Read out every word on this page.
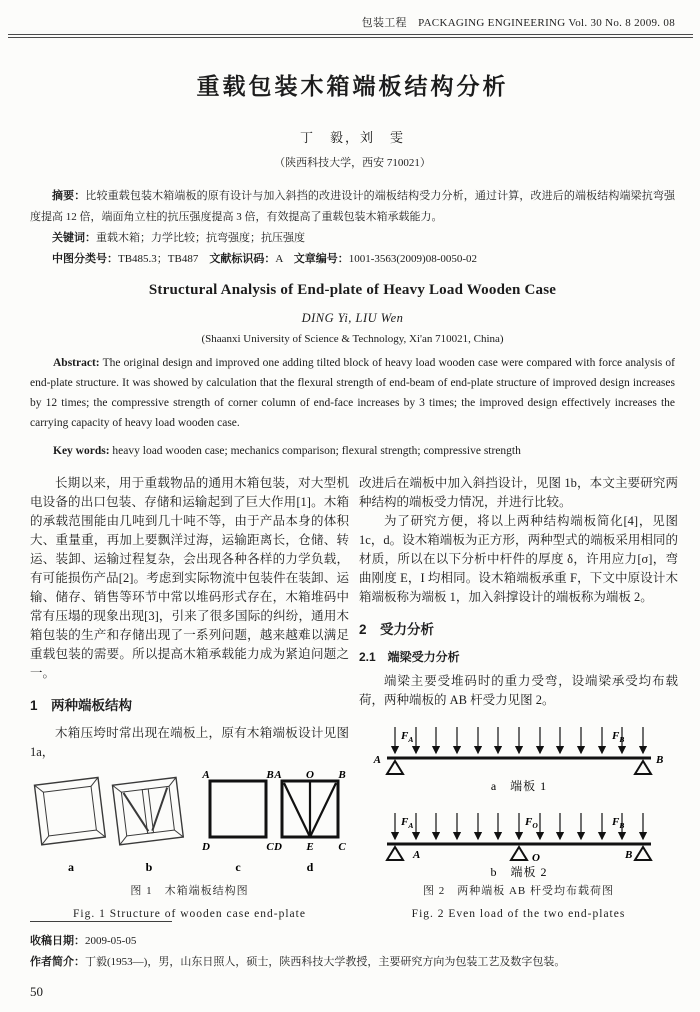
包装工程　PACKAGING ENGINEERING Vol. 30 No. 8 2009. 08
重载包装木箱端板结构分析
丁　毅，刘　雯
（陕西科技大学，西安 710021）

摘要：比较重载包装木箱端板的原有设计与加入斜挡的改进设计的端板结构受力分析，通过计算，改进后的端板结构端梁抗弯强度提高 12 倍，端面角立柱的抗压强度提高 3 倍，有效提高了重载包装木箱承载能力。

关键词：重载木箱；力学比较；抗弯强度；抗压强度

中图分类号：TB485.3；TB487　 文献标识码：A　 文章编号：1001-3563(2009)08-0050-02

Structural Analysis of End-plate of Heavy Load Wooden Case
DING Yi, LIU Wen
(Shaanxi University of Science & Technology, Xi'an 710021, China)

Abstract: The original design and improved one adding tilted block of heavy load wooden case were compared with force analysis of end-plate structure. It was showed by calculation that the flexural strength of end-beam of end-plate structure of improved design increases by 12 times; the compressive strength of corner column of end-face increases by 3 times; the improved design effectively increases the carrying capacity of heavy load wooden case.

Key words: heavy load wooden case; mechanics comparison; flexural strength; compressive strength

长期以来，用于重载物品的通用木箱包装，对大型机电设备的出口包装、存储和运输起到了巨大作用[1]。木箱的承载范围能由几吨到几十吨不等，由于产品本身的体积大、重量重，再加上要飘洋过海，运输距离长，仓储、转运、装卸、运输过程复杂，会出现各种各样的力学负载，有可能损伤产品[2]。考虑到实际物流中包装件在装卸、运输、储存、销售等环节中常以堆码形式存在，木箱堆码中常有压塌的现象出现[3]，引来了很多国际的纠纷，通用木箱包装的生产和存储出现了一系列问题，越来越难以满足重载包装的需要。所以提高木箱承载能力成为紧迫问题之一。

1　两种端板结构

木箱压垮时常出现在端板上，原有木箱端板设计见图 1a，

A	B
D	C
A O B
D E C
a	b	c	d
图 1　木箱端板结构图
Fig. 1 Structure of wooden case end-plate

改进后在端板中加入斜挡设计，见图 1b，本文主要研究两种结构的端板受力情况，并进行比较。

为了研究方便，将以上两种结构端板简化[4]，见图 1c，d。设木箱端板为正方形，两种型式的端板采用相同的材质，所以在以下分析中杆件的厚度 δ，许用应力[σ]，弯曲刚度 E，I 均相同。设木箱端板承重 F，下文中原设计木箱端板称为端板 1，加入斜撑设计的端板称为端板 2。

2　受力分析
2.1　端梁受力分析

端梁主要受堆码时的重力受弯，设端梁承受均布载荷，两种端板的 AB 杆受力见图 2。

$F_A$	$F_B$
A	B
a　端板 1
$F_A$	$F_O$	$F_B$
A	O	B
b　端板 2
图 2　两种端板 AB 杆受均布载荷图
Fig. 2 Even load of the two end-plates

收稿日期：2009-05-05

作者简介：丁毅(1953—)，男，山东日照人，硕士，陕西科技大学教授，主要研究方向为包装工艺及数字包装。

50
